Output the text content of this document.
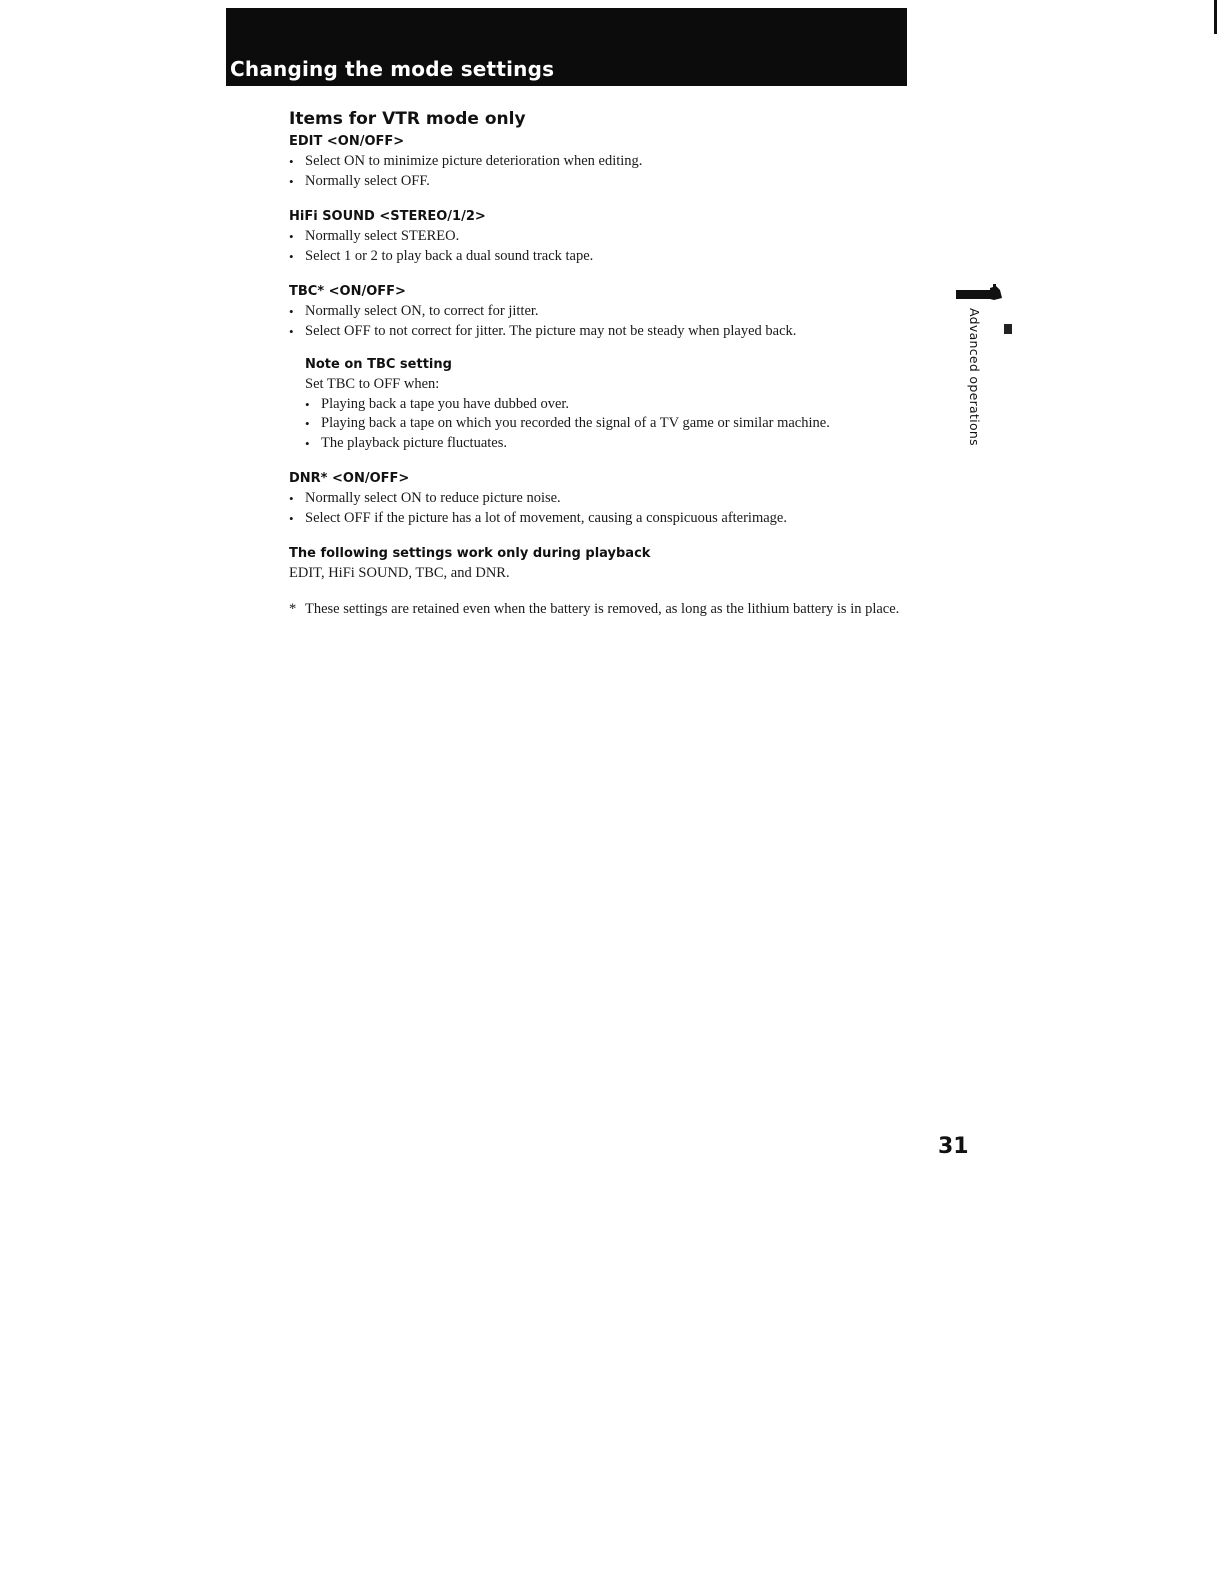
Changing the mode settings
Items for VTR mode only
EDIT <ON/OFF>
• Select ON to minimize picture deterioration when editing.
• Normally select OFF.
HiFi SOUND <STEREO/1/2>
• Normally select STEREO.
• Select 1 or 2 to play back a dual sound track tape.
TBC* <ON/OFF>
• Normally select ON, to correct for jitter.
• Select OFF to not correct for jitter. The picture may not be steady when played back.
Note on TBC setting

Set TBC to OFF when:

• Playing back a tape you have dubbed over.
• Playing back a tape on which you recorded the signal of a TV game or similar machine.
• The playback picture fluctuates.
DNR* <ON/OFF>
• Normally select ON to reduce picture noise.
• Select OFF if the picture has a lot of movement, causing a conspicuous afterimage.
The following settings work only during playback

EDIT, HiFi SOUND, TBC, and DNR.

* These settings are retained even when the battery is removed, as long as the lithium battery is in place.
Advanced operations
31
